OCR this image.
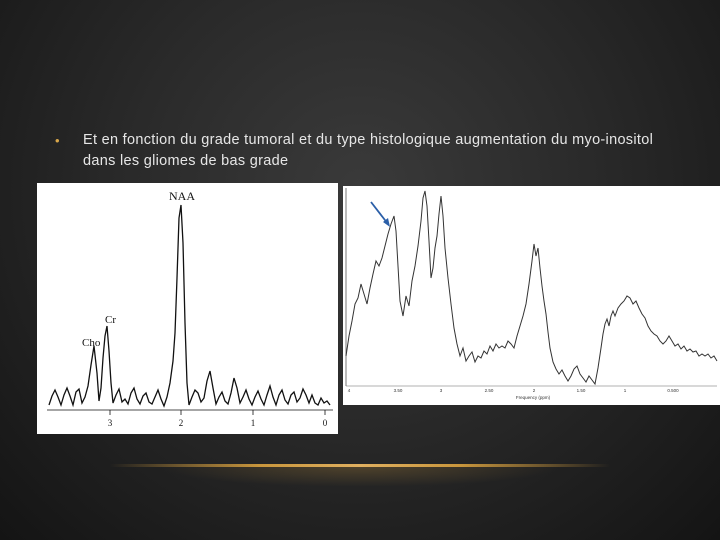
• Et en fonction du grade tumoral et du type histologique augmentation du myo-inositol dans les gliomes de bas grade
3	2	1	0
NAA
Cr
Cho
4	3.50	3	2.50	2	1.50	1	0.500
Frequency (ppm)
